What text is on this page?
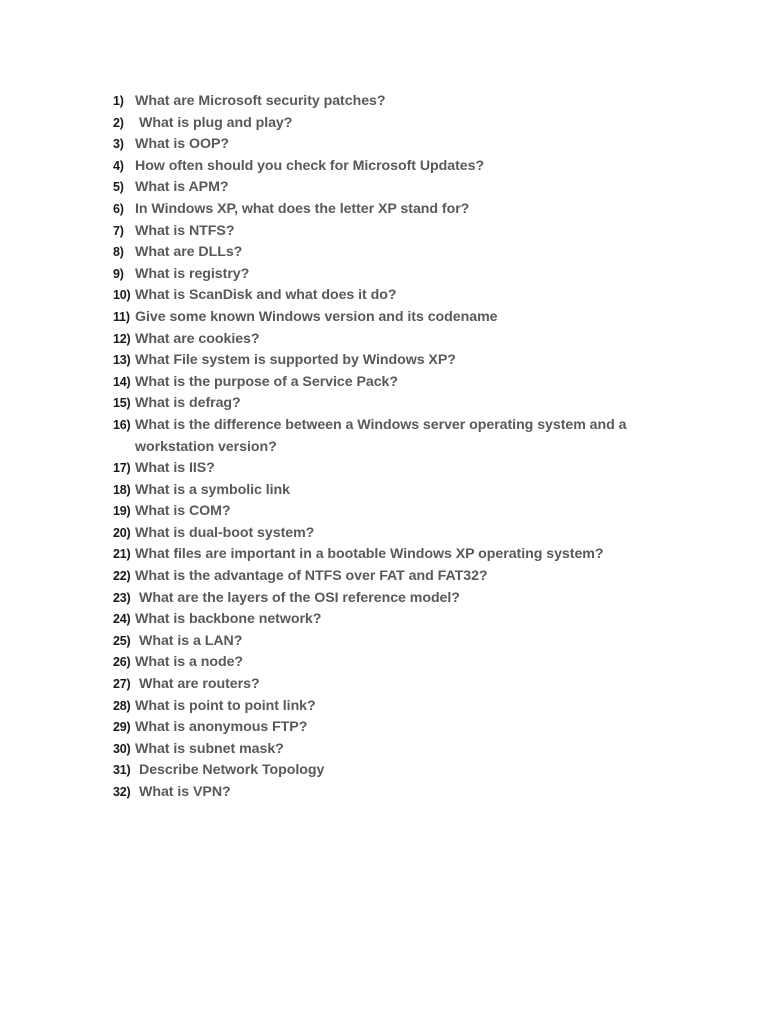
1) What are Microsoft security patches?
2)	What is plug and play?
3) What is OOP?
4) How often should you check for Microsoft Updates?
5) What is APM?
6) In Windows XP, what does the letter XP stand for?
7) What is NTFS?
8) What are DLLs?
9) What is registry?
10) What is ScanDisk and what does it do?
11) Give some known Windows version and its codename
12) What are cookies?
13) What File system is supported by Windows XP?
14) What is the purpose of a Service Pack?
15) What is defrag?
16) What is the difference between a Windows server operating system and a workstation version?
17) What is IIS?
18) What is a symbolic link
19) What is COM?
20) What is dual-boot system?
21) What files are important in a bootable Windows XP operating system?
22) What is the advantage of NTFS over FAT and FAT32?
23) What are the layers of the OSI reference model?
24) What is backbone network?
25) What is a LAN?
26) What is a node?
27) What are routers?
28) What is point to point link?
29) What is anonymous FTP?
30) What is subnet mask?
31) Describe Network Topology
32) What is VPN?
